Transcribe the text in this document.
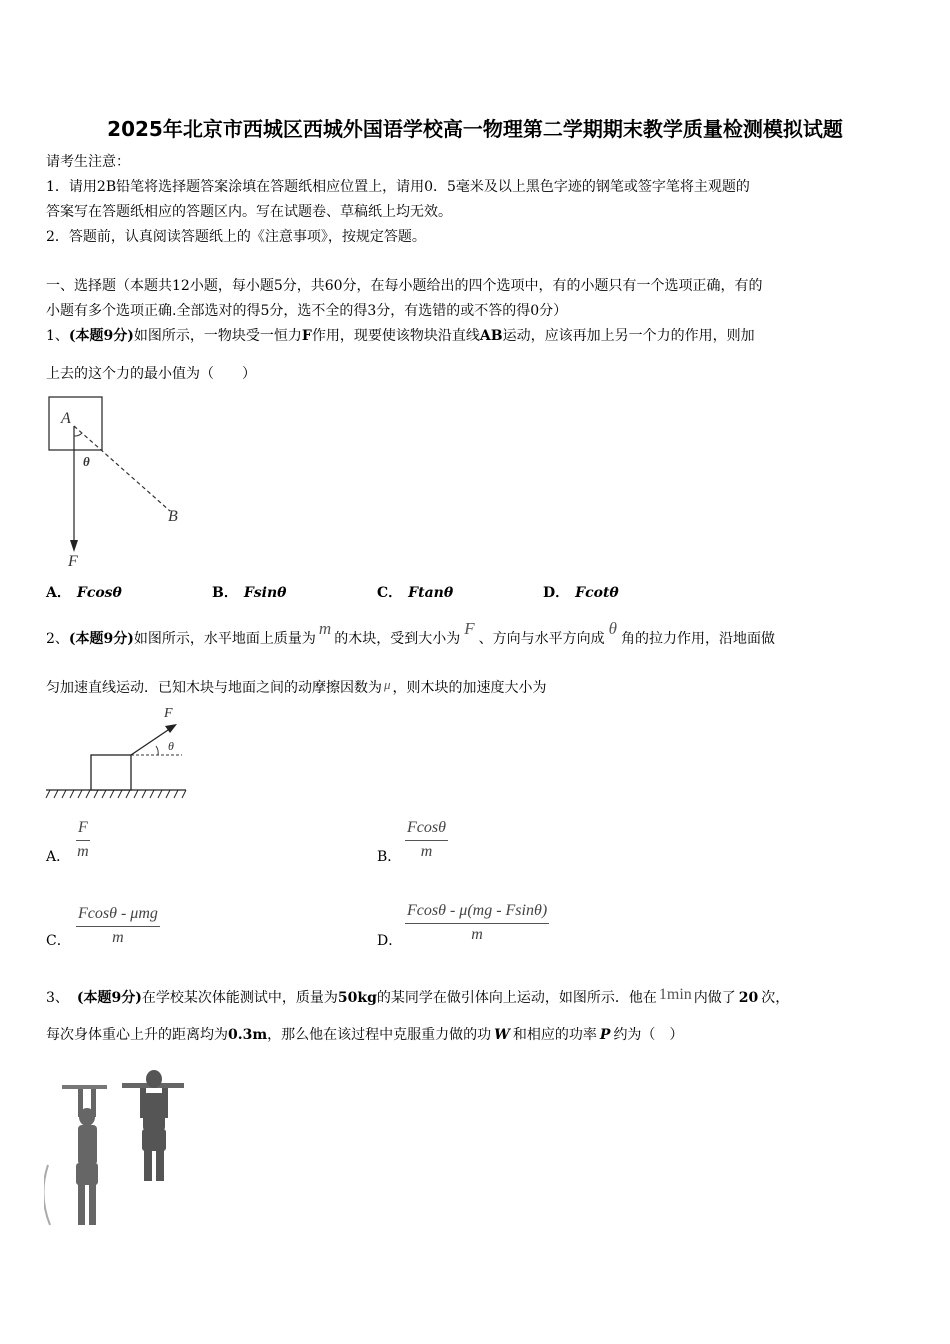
2025年北京市西城区西城外国语学校高一物理第二学期期末教学质量检测模拟试题
请考生注意：
1．请用2B铅笔将选择题答案涂填在答题纸相应位置上，请用0．5毫米及以上黑色字迹的钢笔或签字笔将主观题的
答案写在答题纸相应的答题区内。写在试题卷、草稿纸上均无效。
2．答题前，认真阅读答题纸上的《注意事项》，按规定答题。
一、选择题（本题共12小题，每小题5分，共60分，在每小题给出的四个选项中，有的小题只有一个选项正确，有的
小题有多个选项正确.全部选对的得5分，选不全的得3分，有选错的或不答的得0分）
1、(本题9分)如图所示，一物块受一恒力F作用，现要使该物块沿直线AB运动，应该再加上另一个力的作用，则加
上去的这个力的最小值为（　　）
A
θ
B
F
A． Fcosθ	B． Fsinθ	C． Ftanθ	D． Fcotθ
2、(本题9分)如图所示，水平地面上质量为m的木块，受到大小为F、方向与水平方向成θ角的拉力作用，沿地面做
匀加速直线运动．已知木块与地面之间的动摩擦因数为 μ ，则木块的加速度大小为
F
θ
A． $\frac{F}{m}$	B． $\frac{Fcos\theta}{m}$
C．
Fcosθ - μmg
m	D． $\frac{Fcos\theta - \mu(mg - Fsin\theta)}{m}$
3、 (本题9分)在学校某次体能测试中，质量为50kg的某同学在做引体向上运动，如图所示．他在 1min 内做了 20 次，
每次身体重心上升的距离均为0.3m，那么他在该过程中克服重力做的功 W 和相应的功率 P 约为（　）
